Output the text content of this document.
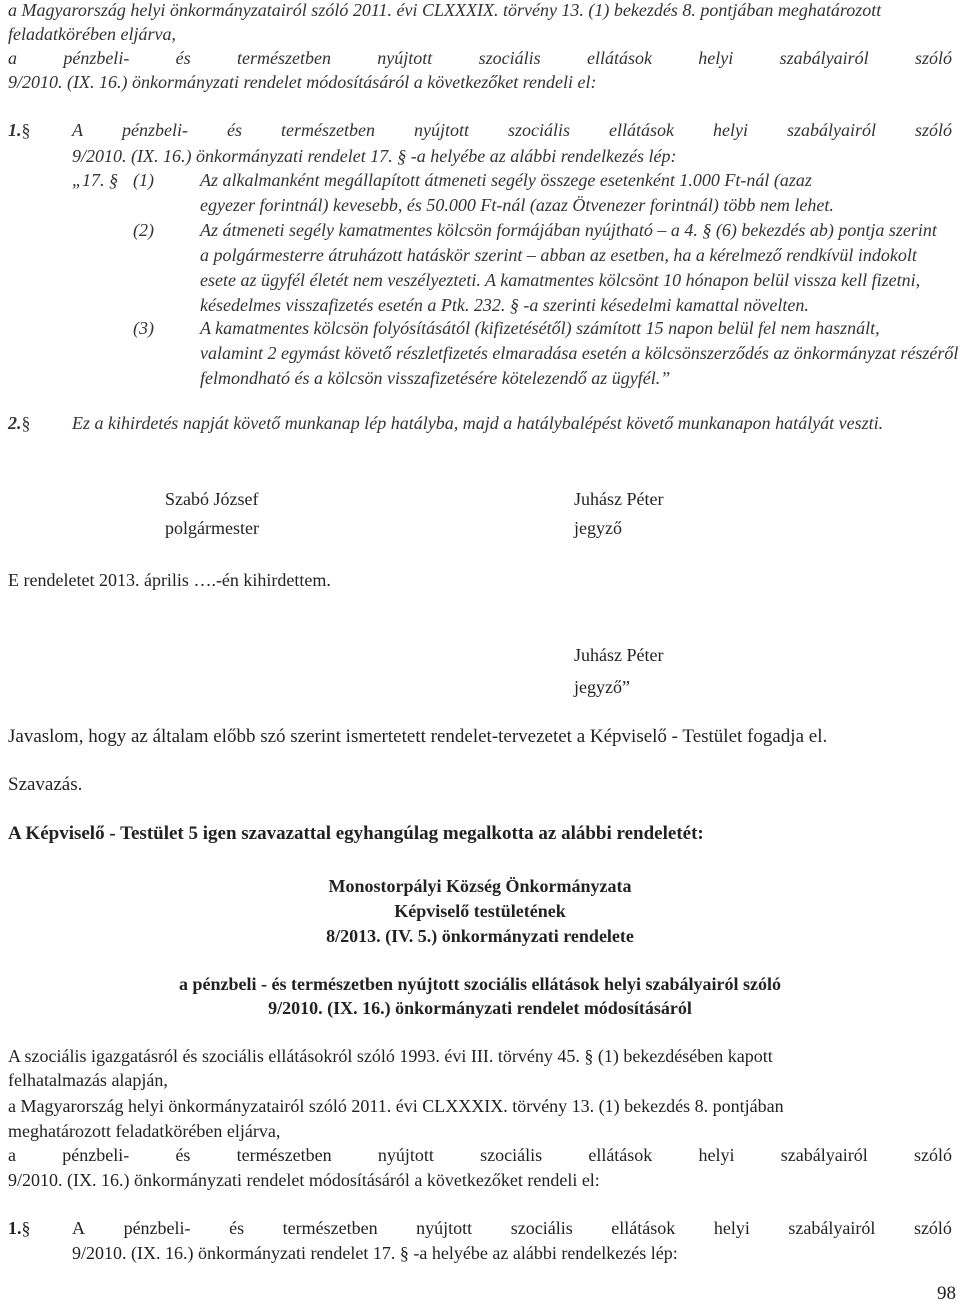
a Magyarország helyi önkormányzatairól szóló 2011. évi CLXXXIX. törvény 13. (1) bekezdés 8. pontjában meghatározott
feladatkörében eljárva,
a	pénzbeli-	és	természetben	nyújtott	szociális	ellátások	helyi	szabályairól	szóló
9/2010. (IX. 16.) önkormányzati rendelet módosításáról a következőket rendeli el:
1.§	A pénzbeli- és természetben nyújtott szociális ellátások helyi szabályairól szóló
9/2010. (IX. 16.) önkormányzati rendelet 17. § -a helyébe az alábbi rendelkezés lép:
„17. § (1)	Az alkalmanként megállapított átmeneti segély összege esetenként 1.000 Ft-nál (azaz
egyezer forintnál) kevesebb, és 50.000 Ft-nál (azaz Ötvenezer forintnál) több nem lehet.
(2)	Az átmeneti segély kamatmentes kölcsön formájában nyújtható – a 4. § (6) bekezdés ab) pontja szerint
a polgármesterre átruházott hatáskör szerint – abban az esetben, ha a kérelmező rendkívül indokolt
esete az ügyfél életét nem veszélyezteti. A kamatmentes kölcsönt 10 hónapon belül vissza kell fizetni,
késedelmes visszafizetés esetén a Ptk. 232. § -a szerinti késedelmi kamattal növelten.
(3)	A kamatmentes kölcsön folyósításától (kifizetésétől) számított 15 napon belül fel nem használt,
valamint 2 egymást követő részletfizetés elmaradása esetén a kölcsönszerződés az önkormányzat részéről
felmondható és a kölcsön visszafizetésére kötelezendő az ügyfél.”
2.§	Ez a kihirdetés napját követő munkanap lép hatályba, majd a hatálybalépést követő munkanapon hatályát veszti.
Szabó József
polgármester
Juhász Péter
jegyző
E rendeletet 2013. április ….-én kihirdettem.
Juhász Péter
jegyző”
Javaslom, hogy az általam előbb szó szerint ismertetett rendelet-tervezetet a Képviselő - Testület fogadja el.
Szavazás.
A Képviselő - Testület 5 igen szavazattal egyhangúlag megalkotta az alábbi rendeletét:
Monostorpályi Község Önkormányzata
Képviselő testületének
8/2013. (IV. 5.) önkormányzati rendelete
a pénzbeli - és természetben nyújtott szociális ellátások helyi szabályairól szóló
9/2010. (IX. 16.) önkormányzati rendelet módosításáról
A szociális igazgatásról és szociális ellátásokról szóló 1993. évi III. törvény 45. § (1) bekezdésében kapott
felhatalmazás alapján,
a Magyarország helyi önkormányzatairól szóló 2011. évi CLXXXIX. törvény 13. (1) bekezdés 8. pontjában
meghatározott feladatkörében eljárva,
a	pénzbeli-	és	természetben	nyújtott	szociális	ellátások	helyi	szabályairól	szóló
9/2010. (IX. 16.) önkormányzati rendelet módosításáról a következőket rendeli el:
1.§	A pénzbeli- és természetben nyújtott szociális ellátások helyi szabályairól szóló
9/2010. (IX. 16.) önkormányzati rendelet 17. § -a helyébe az alábbi rendelkezés lép:
98
